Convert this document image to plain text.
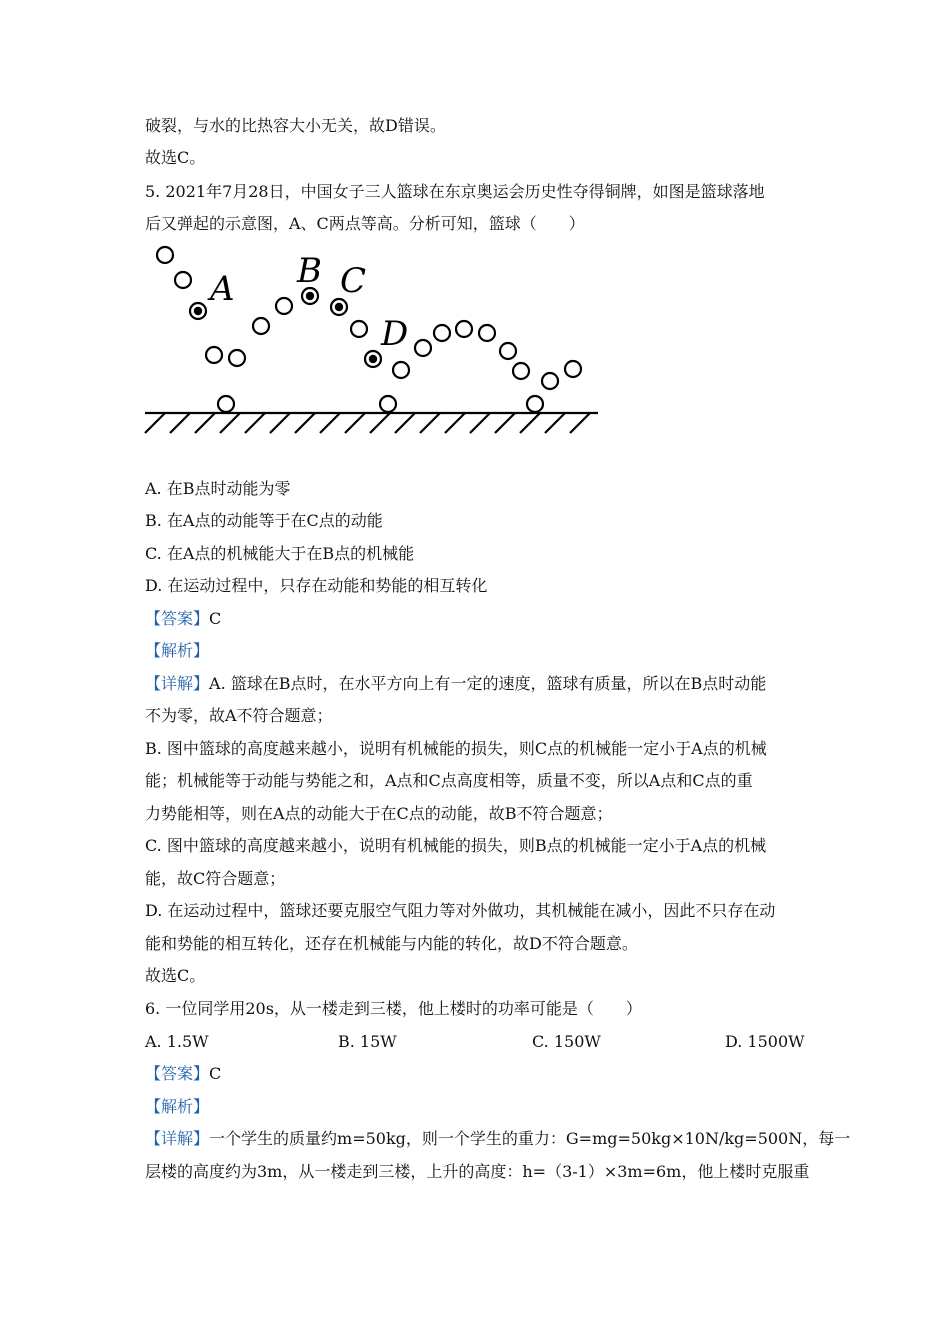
破裂，与水的比热容大小无关，故D错误。
故选C。
5. 2021年7月28日，中国女子三人篮球在东京奥运会历史性夺得铜牌，如图是篮球落地
后又弹起的示意图，A、C两点等高。分析可知，篮球（　　）
A B C
D
A. 在B点时动能为零
B. 在A点的动能等于在C点的动能
C. 在A点的机械能大于在B点的机械能
D. 在运动过程中，只存在动能和势能的相互转化
【答案】C
【解析】
【详解】A. 篮球在B点时，在水平方向上有一定的速度，篮球有质量，所以在B点时动能
不为零，故A不符合题意；
B. 图中篮球的高度越来越小，说明有机械能的损失，则C点的机械能一定小于A点的机械
能；机械能等于动能与势能之和，A点和C点高度相等，质量不变，所以A点和C点的重
力势能相等，则在A点的动能大于在C点的动能，故B不符合题意；
C. 图中篮球的高度越来越小，说明有机械能的损失，则B点的机械能一定小于A点的机械
能，故C符合题意；
D. 在运动过程中，篮球还要克服空气阻力等对外做功，其机械能在减小，因此不只存在动
能和势能的相互转化，还存在机械能与内能的转化，故D不符合题意。
故选C。
6. 一位同学用20s，从一楼走到三楼，他上楼时的功率可能是（　　）
A. 1.5W	B. 15W	C. 150W	D. 1500W
【答案】C
【解析】
【详解】一个学生的质量约m=50kg，则一个学生的重力：G=mg=50kg×10N/kg=500N，每一
层楼的高度约为3m，从一楼走到三楼，上升的高度：h=（3-1）×3m=6m，他上楼时克服重
